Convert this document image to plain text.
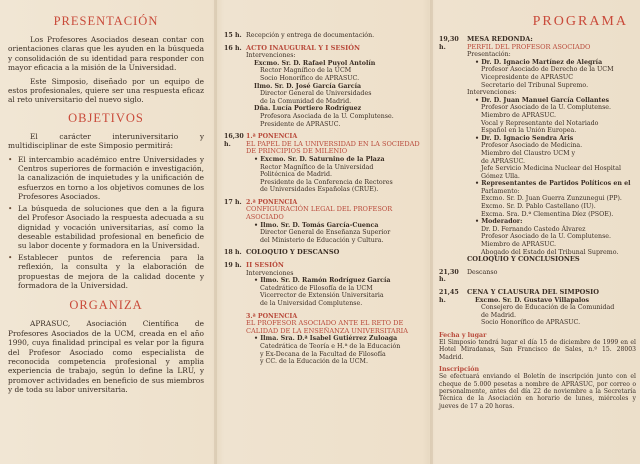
PRESENTACIÓN
Los Profesores Asociados desean contar con orientaciones claras que les ayuden en la búsqueda y consolidación de su identidad para responder con mayor eficacia a la misión de la Universidad.
Este Simposio, diseñado por un equipo de estos profesionales, quiere ser una respuesta eficaz al reto universitario del nuevo siglo.
OBJETIVOS
El carácter interuniversitario y multidisciplinar de este Simposio permitirá:
• El intercambio académico entre Universidades y Centros superiores de formación e investigación, la canalización de inquietudes y la unificación de esfuerzos en torno a los objetivos comunes de los Profesores Asociados.
• La búsqueda de soluciones que den a la figura del Profesor Asociado la respuesta adecuada a su dignidad y vocación universitarias, así como la deseable estabilidad profesional en beneficio de su labor docente y formadora en la Universidad.
• Establecer puntos de referencia para la reflexión, la consulta y la elaboración de propuestas de mejora de la calidad docente y formadora de la Universidad.
ORGANIZA
APRASUC, Asociación Científica de Profesores Asociados de la UCM, creada en el año 1990, cuya finalidad principal es velar por la figura del Profesor Asociado como especialista de reconocida competencia profesional y amplia experiencia de trabajo, según lo define la LRU, y promover actividades en beneficio de sus miembros y de toda su labor universitaria.
15 h. Recepción y entrega de documentación.
16 h. ACTO INAUGURAL Y I SESIÓN
Intervenciones:
Excmo. Sr. D. Rafael Puyol Antolín
Rector Magnífico de la UCM
Socio Honorífico de APRASUC.
Ilmo. Sr. D. José García García
Director General de Universidades
de la Comunidad de Madrid.
Dña. Lucía Portiero Rodríguez
Profesora Asociada de la U. Complutense.
Presidente de APRASUC.
16,30 h.
1.ª PONENCIA
EL PAPEL DE LA UNIVERSIDAD EN LA SOCIEDAD DE PRINCIPIOS DE MILENIO
• Excmo. Sr. D. Saturnino de la Plaza
Rector Magnífico de la Universidad
Politécnica de Madrid.
Presidente de la Conferencia de Rectores
de Universidades Españolas (CRUE).
17 h. 2.ª PONENCIA
CONFIGURACIÓN LEGAL DEL PROFESOR ASOCIADO
• Ilmo. Sr. D. Tomás García-Cuenca
Director General de Enseñanza Superior
del Ministerio de Educación y Cultura.
18 h. COLOQUIO Y DESCANSO
19 h. II SESIÓN
Intervenciones
• Ilmo. Sr. D. Ramón Rodríguez García
Catedrático de Filosofía de la UCM
Vicerrector de Extensión Universitaria
de la Universidad Complutense.
3.ª PONENCIA
EL PROFESOR ASOCIADO ANTE EL RETO DE CALIDAD DE LA ENSEÑANZA UNIVERSITARIA
• Ilma. Sra. D.ª Isabel Gutiérrez Zuloaga
Catedrática de Teoría e H.ª de la Educación
y Ex-Decana de la Facultad de Filosofía
y CC. de la Educación de la UCM.
PROGRAMA
19,30 h.
MESA REDONDA:
PERFIL DEL PROFESOR ASOCIADO
Presentación:
• Dr. D. Ignacio Martínez de Alegría
Profesor Asociado de Derecho de la UCM
Vicepresidente de APRASUC
Secretario del Tribunal Supremo.
Intervenciones:
• Dr. D. Juan Manuel García Collantes
Profesor Asociado de la U. Complutense.
Miembro de APRASUC.
Vocal y Representante del Notariado
Español en la Unión Europea.
• Dr. D. Ignacio Sendra Aris
Profesor Asociado de Medicina.
Miembro del Claustro UCM y
de APRASUC.
Jefe Servicio Medicina Nuclear del Hospital
Gómez Ulla.
• Representantes de Partidos Políticos en el
Parlamento:
Excmo. Sr. D. Juan Guerra Zunzunegui (PP).
Excmo. Sr. D. Pablo Castellano (IU).
Excma. Sra. D.ª Clementina Díez (PSOE).
• Moderador:
Dr. D. Fernando Castedo Álvarez
Profesor Asociado de la U. Complutense.
Miembro de APRASUC.
Abogado del Estado del Tribunal Supremo.
COLOQUIO Y CONCLUSIONES
21,30 h.
Descanso
21,45 h.
CENA Y CLAUSURA DEL SIMPOSIO
Excmo. Sr. D. Gustavo Villapalos
Consejero de Educación de la Comunidad
de Madrid.
Socio Honorífico de APRASUC.
Fecha y lugar
El Simposio tendrá lugar el día 15 de diciembre de 1999 en el Hotel Miradanas, San Francisco de Sales, n.º 15. 28003 Madrid.
Inscripción
Se efectuará enviando el Boletín de inscripción junto con el cheque de 5.000 pesetas a nombre de APRASUC, por correo o personalmente, antes del día 22 de noviembre a la Secretaría Técnica de la Asociación en horario de lunes, miércoles y jueves de 17 a 20 horas.
